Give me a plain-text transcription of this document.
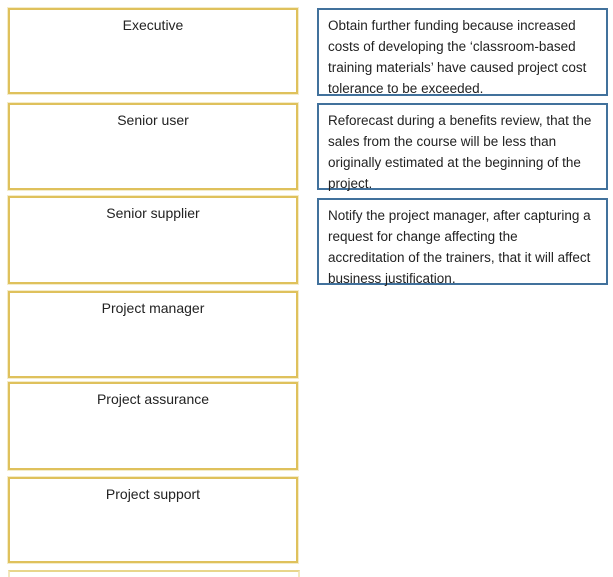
Executive
Senior user
Senior supplier
Project manager
Project assurance
Project support
Obtain further funding because increased costs of developing the ‘classroom-based training materials’ have caused project cost tolerance to be exceeded.
Reforecast during a benefits review, that the sales from the course will be less than originally estimated at the beginning of the project.
Notify the project manager, after capturing a request for change affecting the accreditation of the trainers, that it will affect business justification.
